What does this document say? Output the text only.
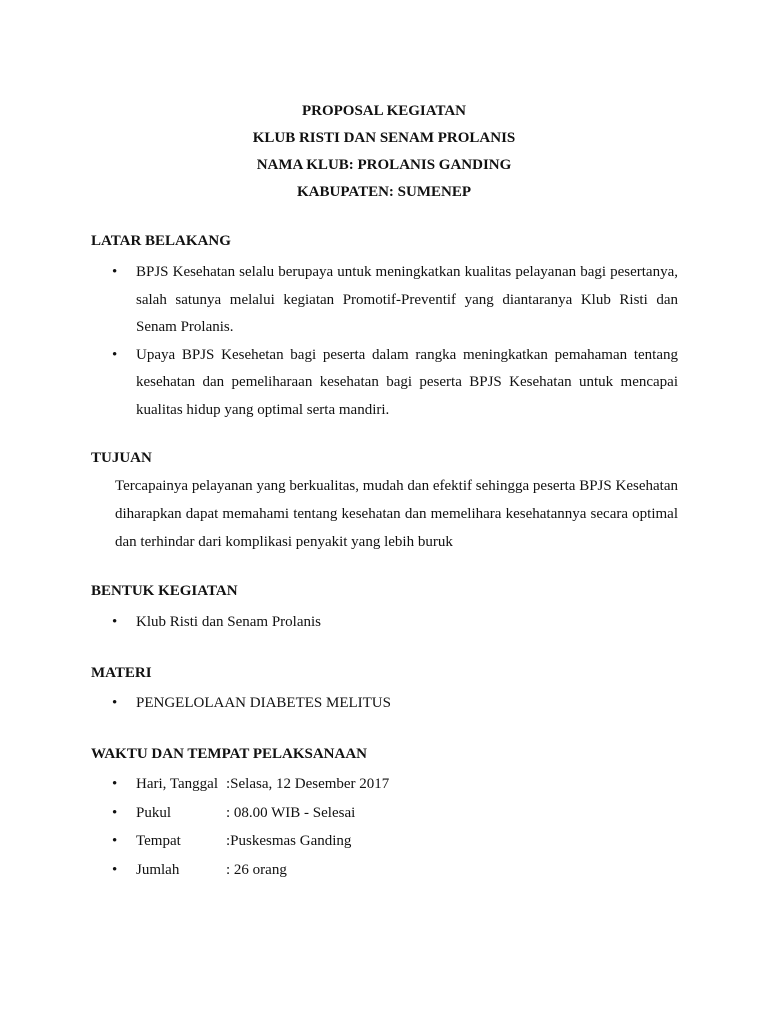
PROPOSAL KEGIATAN
KLUB RISTI DAN SENAM PROLANIS
NAMA KLUB: PROLANIS GANDING
KABUPATEN: SUMENEP
LATAR BELAKANG
• BPJS Kesehatan selalu berupaya untuk meningkatkan kualitas pelayanan bagi pesertanya, salah satunya melalui kegiatan Promotif-Preventif yang diantaranya Klub Risti dan Senam Prolanis.
• Upaya BPJS Kesehetan bagi peserta dalam rangka meningkatkan pemahaman tentang kesehatan dan pemeliharaan kesehatan bagi peserta BPJS Kesehatan untuk mencapai kualitas hidup yang optimal serta mandiri.
TUJUAN
Tercapainya pelayanan yang berkualitas, mudah dan efektif sehingga peserta BPJS Kesehatan diharapkan dapat memahami tentang kesehatan dan memelihara kesehatannya secara optimal dan terhindar dari komplikasi penyakit yang lebih buruk
BENTUK KEGIATAN
• Klub Risti dan Senam Prolanis
MATERI
• PENGELOLAAN DIABETES MELITUS
WAKTU DAN TEMPAT PELAKSANAAN
• Hari, Tanggal :Selasa, 12 Desember 2017
• Pukul	: 08.00 WIB - Selesai
• Tempat	:Puskesmas Ganding
• Jumlah	: 26 orang
